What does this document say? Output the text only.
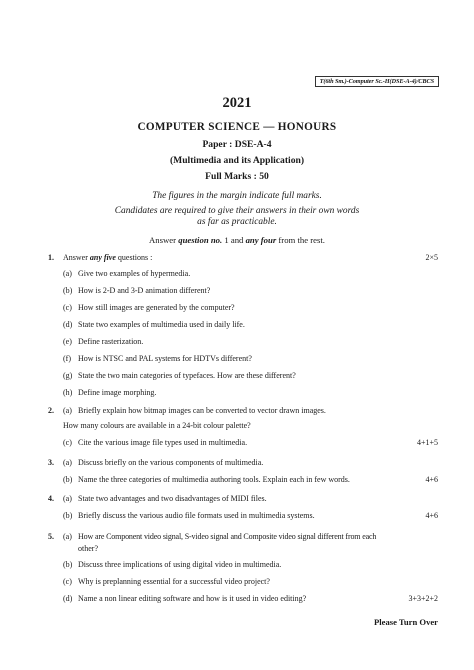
T(6th Sm.)-Computer Sc.-H(DSE-A-4)/CBCS
2021
COMPUTER SCIENCE — HONOURS
Paper : DSE-A-4
(Multimedia and its Application)
Full Marks : 50
The figures in the margin indicate full marks.
Candidates are required to give their answers in their own words
as far as practicable.
Answer question no. 1 and any four from the rest.
1. Answer any five questions :	2×5
(a) Give two examples of hypermedia.
(b) How is 2-D and 3-D animation different?
(c) How still images are generated by the computer?
(d) State two examples of multimedia used in daily life.
(e) Define rasterization.
(f) How is NTSC and PAL systems for HDTVs different?
(g) State the two main categories of typefaces. How are these different?
(h) Define image morphing.
2. (a) Briefly explain how bitmap images can be converted to vector drawn images.
How many colours are available in a 24-bit colour palette?
(c) Cite the various image file types used in multimedia.	4+1+5
3. (a) Discuss briefly on the various components of multimedia.
(b) Name the three categories of multimedia authoring tools. Explain each in few words.	4+6
4. (a) State two advantages and two disadvantages of MIDI files.
(b) Briefly discuss the various audio file formats used in multimedia systems.	4+6
5. (a) How are Component video signal, S-video signal and Composite video signal different from each
other?
(b) Discuss three implications of using digital video in multimedia.
(c) Why is preplanning essential for a successful video project?
(d) Name a non linear editing software and how is it used in video editing?	3+3+2+2
Please Turn Over
